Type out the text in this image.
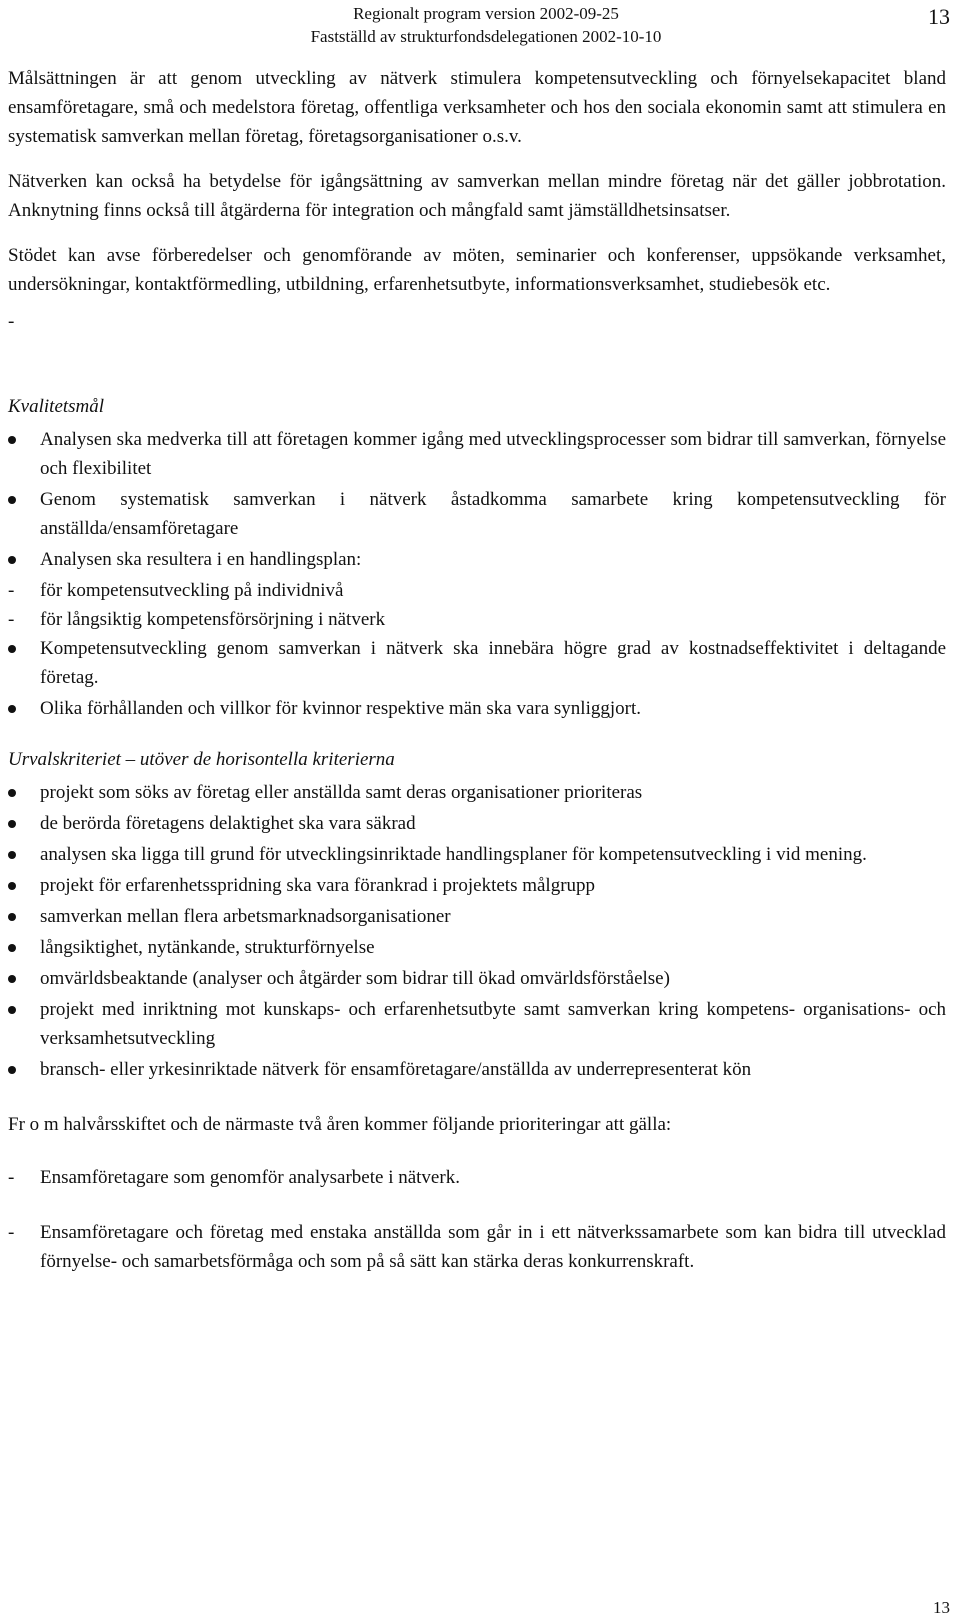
Regionalt program version 2002-09-25
Fastställd av strukturfondsdelegationen 2002-10-10
13

Målsättningen är att genom utveckling av nätverk stimulera kompetensutveckling och förnyelsekapacitet bland ensamföretagare, små och medelstora företag, offentliga verksamheter och hos den sociala ekonomin samt att stimulera en systematisk samverkan mellan företag, företagsorganisationer o.s.v.

Nätverken kan också ha betydelse för igångsättning av samverkan mellan mindre företag när det gäller jobbrotation. Anknytning finns också till åtgärderna för integration och mångfald samt jämställdhetsinsatser.

Stödet kan avse förberedelser och genomförande av möten, seminarier och konferenser, uppsökande verksamhet, undersökningar, kontaktförmedling, utbildning, erfarenhetsutbyte, informationsverksamhet, studiebesök etc.

-
Kvalitetsmål
Analysen ska medverka till att företagen kommer igång med utvecklingsprocesser som bidrar till samverkan, förnyelse och flexibilitet
Genom systematisk samverkan i nätverk åstadkomma samarbete kring kompetensutveckling för anställda/ensamföretagare
Analysen ska resultera i en handlingsplan:
- för kompetensutveckling på individnivå
- för långsiktig kompetensförsörjning i nätverk
Kompetensutveckling genom samverkan i nätverk ska innebära högre grad av kostnadseffektivitet i deltagande företag.
Olika förhållanden och villkor för kvinnor respektive män ska vara synliggjort.
Urvalskriteriet – utöver de horisontella kriterierna
projekt som söks av företag eller anställda samt deras organisationer prioriteras
de berörda företagens delaktighet ska vara säkrad
analysen ska ligga till grund för utvecklingsinriktade handlingsplaner för kompetensutveckling i vid mening.
projekt för erfarenhetsspridning ska vara förankrad i projektets målgrupp
samverkan mellan flera arbetsmarknadsorganisationer
långsiktighet, nytänkande, strukturförnyelse
omvärldsbeaktande (analyser och åtgärder som bidrar till ökad omvärldsförståelse)
projekt med inriktning mot kunskaps- och erfarenhetsutbyte samt samverkan kring kompetens- organisations- och verksamhetsutveckling
bransch- eller yrkesinriktade nätverk för ensamföretagare/anställda av underrepresenterat kön

Fr o m halvårsskiftet och de närmaste två åren kommer följande prioriteringar att gälla:

- Ensamföretagare som genomför analysarbete i nätverk.
- Ensamföretagare och företag med enstaka anställda som går in i ett nätverkssamarbete som kan bidra till utvecklad förnyelse- och samarbetsförmåga och som på så sätt kan stärka deras konkurrenskraft.
13
